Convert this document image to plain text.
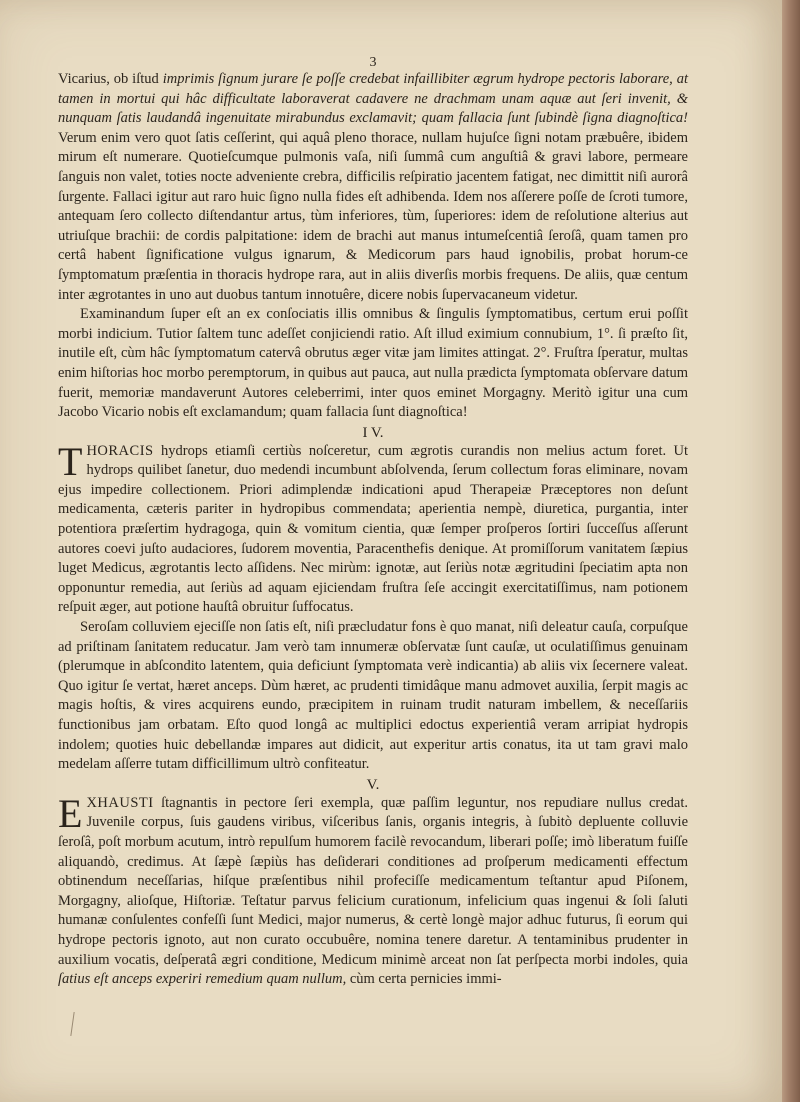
3

Vicarius, ob iſtud imprimis ſignum jurare ſe poſſe credebat infaillibiter ægrum hydrope pectoris laborare, at tamen in mortui qui hâc difficultate laboraverat cadavere ne drachmam unam aquæ aut ſeri invenit, & nunquam ſatis laudandâ ingenuitate mirabundus exclamavit; quam fallacia ſunt ſubindè ſigna diagnoſtica! Verum enim vero quot ſatis ceſſerint, qui aquâ pleno thorace, nullam hujuſce ſigni notam præbuêre, ibidem mirum eſt numerare. Quotieſcumque pulmonis vaſa, niſi ſummâ cum anguſtiâ & gravi labore, permeare ſanguis non valet, toties nocte adveniente crebra, difficilis reſpiratio jacentem fatigat, nec dimittit niſi aurorâ ſurgente. Fallaci igitur aut raro huic ſigno nulla fides eſt adhibenda. Idem nos aſſerere poſſe de ſcroti tumore, antequam ſero collecto diſtendantur artus, tùm inferiores, tùm, ſuperiores: idem de reſolutione alterius aut utriuſque brachii: de cordis palpitatione: idem de brachi aut manus intumeſcentiâ ſeroſâ, quam tamen pro certâ habent ſignificatione vulgus ignarum, & Medicorum pars haud ignobilis, probat horum-ce ſymptomatum præſentia in thoracis hydrope rara, aut in aliis diverſis morbis frequens. De aliis, quæ centum inter ægrotantes in uno aut duobus tantum innotuêre, dicere nobis ſupervacaneum videtur.

Examinandum ſuper eſt an ex conſociatis illis omnibus & ſingulis ſymptomatibus, certum erui poſſit morbi indicium. Tutior ſaltem tunc adeſſet conjiciendi ratio. Aſt illud eximium connubium, 1°. ſi præſto ſit, inutile eſt, cùm hâc ſymptomatum catervâ obrutus æger vitæ jam limites attingat. 2°. Fruſtra ſperatur, multas enim hiſtorias hoc morbo peremptorum, in quibus aut pauca, aut nulla prædicta ſymptomata obſervare datum fuerit, memoriæ mandaverunt Autores celeberrimi, inter quos eminet Morgagny. Meritò igitur una cum Jacobo Vicario nobis eſt exclamandum; quam fallacia ſunt diagnoſtica!

I V.

THORACIS hydrops etiamſi certiùs noſceretur, cum ægrotis curandis non melius actum foret. Ut hydrops quilibet ſanetur, duo medendi incumbunt abſolvenda, ſerum collectum foras eliminare, novam ejus impedire collectionem. Priori adimplendæ indicationi apud Therapeiæ Præceptores non deſunt medicamenta, cæteris pariter in hydropibus commendata; aperientia nempè, diuretica, purgantia, inter potentiora præſertim hydragoga, quin & vomitum cientia, quæ ſemper proſperos ſortiri ſucceſſus aſſerunt autores coevi juſto audaciores, ſudorem moventia, Paracenthefis denique. At promiſſorum vanitatem ſæpius luget Medicus, ægrotantis lecto aſſidens. Nec mirùm: ignotæ, aut ſeriùs notæ ægritudini ſpeciatim apta non opponuntur remedia, aut ſeriùs ad aquam ejiciendam fruſtra ſeſe accingit exercitatiſſimus, nam potionem reſpuit æger, aut potione hauſtâ obruitur ſuffocatus.

Seroſam colluviem ejeciſſe non ſatis eſt, niſi præcludatur fons è quo manat, niſi deleatur cauſa, corpuſque ad priſtinam ſanitatem reducatur. Jam verò tam innumeræ obſervatæ ſunt cauſæ, ut oculatiſſimus genuinam (plerumque in abſcondito latentem, quia deficiunt ſymptomata verè indicantia) ab aliis vix ſecernere valeat. Quo igitur ſe vertat, hæret anceps. Dùm hæret, ac prudenti timidâque manu admovet auxilia, ſerpit magis ac magis hoſtis, & vires acquirens eundo, præcipitem in ruinam trudit naturam imbellem, & neceſſariis functionibus jam orbatam. Eſto quod longâ ac multiplici edoctus experientiâ veram arripiat hydropis indolem; quoties huic debellandæ impares aut didicit, aut experitur artis conatus, ita ut tam gravi malo medelam aſſerre tutam difficillimum ultrò confiteatur.

V.

EXHAUSTI ſtagnantis in pectore ſeri exempla, quæ paſſim leguntur, nos repudiare nullus credat. Juvenile corpus, ſuis gaudens viribus, viſceribus ſanis, organis integris, à ſubitò depluente colluvie ſeroſâ, poſt morbum acutum, intrò repulſum humorem facilè revocandum, liberari poſſe; imò liberatum fuiſſe aliquandò, credimus. At ſæpè ſæpiùs has deſiderari conditiones ad proſperum medicamenti effectum obtinendum neceſſarias, hiſque præſentibus nihil profeciſſe medicamentum teſtantur apud Piſonem, Morgagny, alioſque, Hiſtoriæ. Teſtatur parvus felicium curationum, infelicium quas ingenui & ſoli ſaluti humanæ conſulentes confeſſi ſunt Medici, major numerus, & certè longè major adhuc futurus, ſi eorum qui hydrope pectoris ignoto, aut non curato occubuêre, nomina tenere daretur. A tentaminibus prudenter in auxilium vocatis, deſperatâ ægri conditione, Medicum minimè arceat non ſat perſpecta morbi indoles, quia ſatius eſt anceps experiri remedium quam nullum, cùm certa pernicies immi-
